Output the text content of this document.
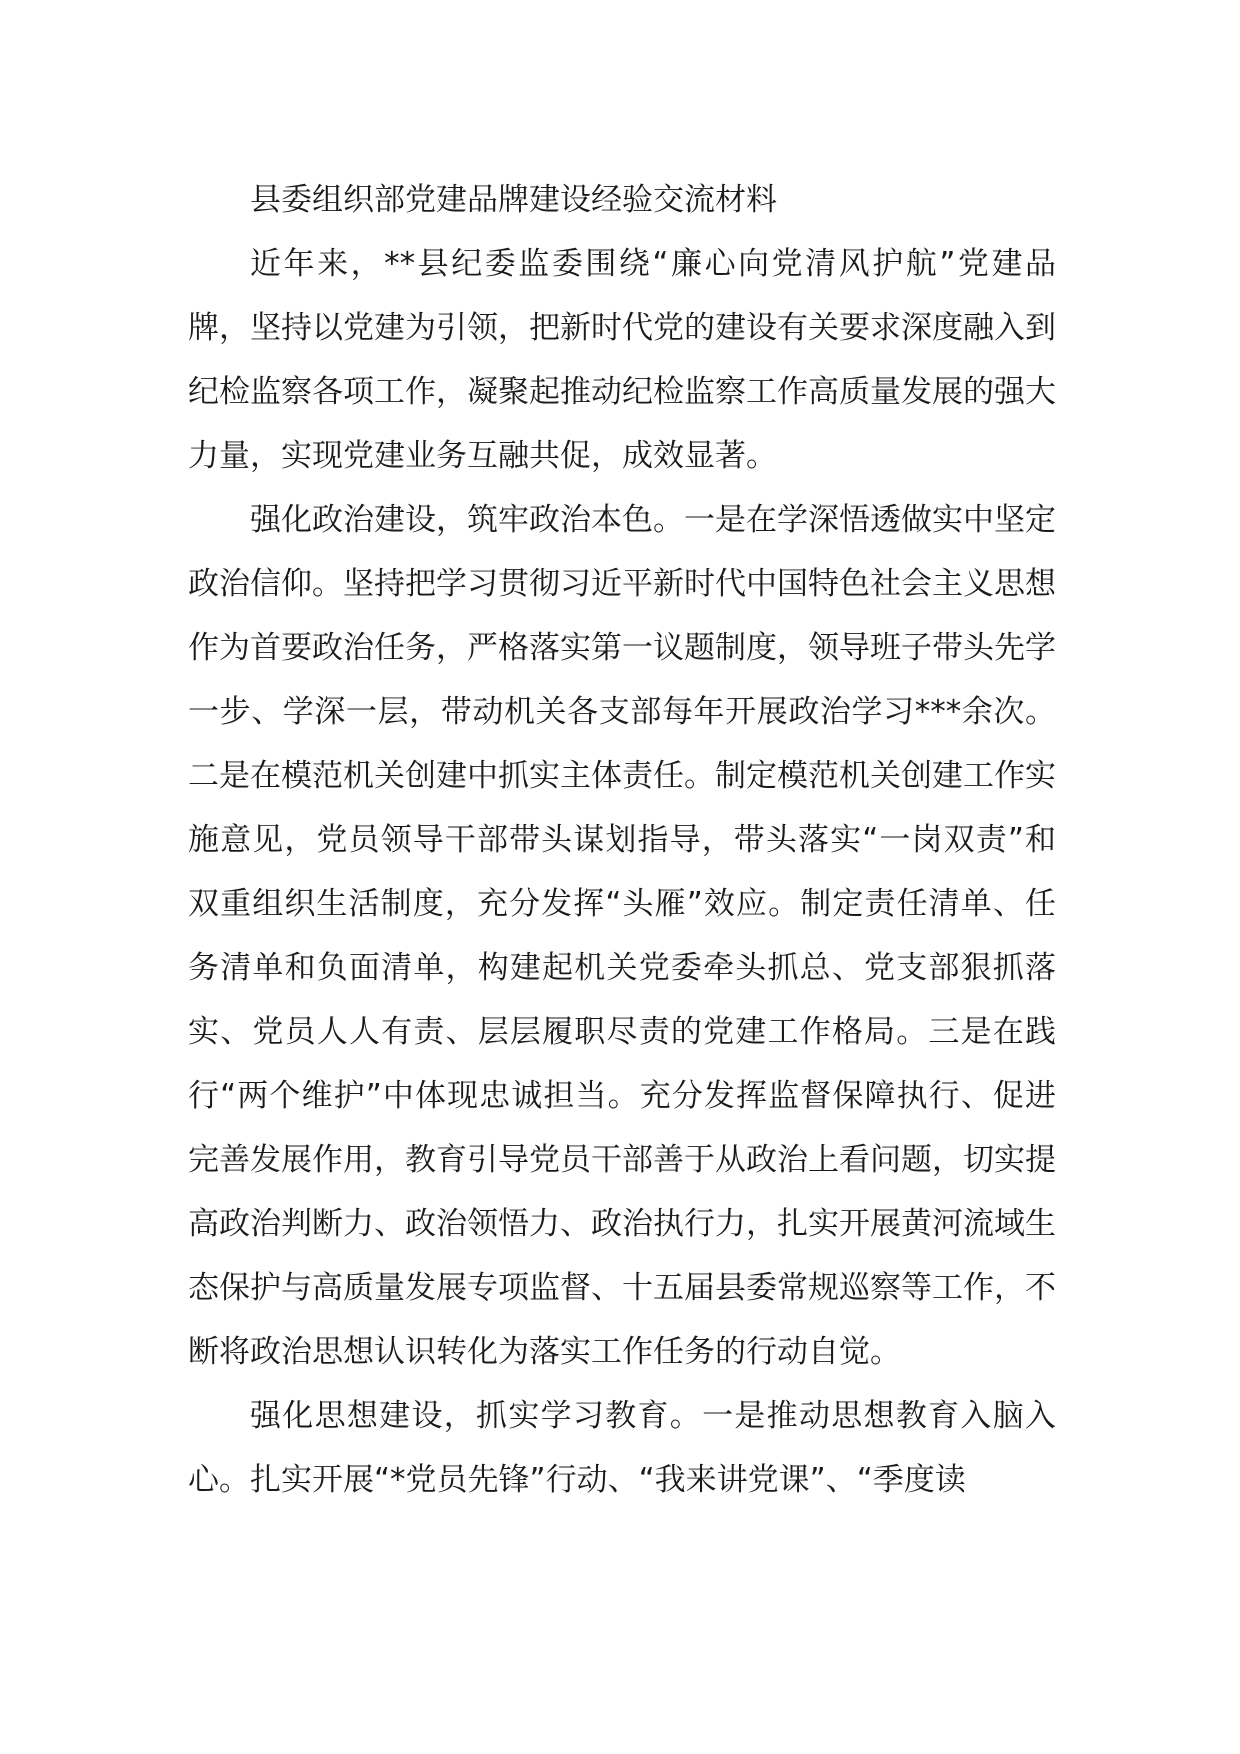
县委组织部党建品牌建设经验交流材料

近年来，**县纪委监委围绕“廉心向党清风护航”党建品牌，坚持以党建为引领，把新时代党的建设有关要求深度融入到纪检监察各项工作，凝聚起推动纪检监察工作高质量发展的强大力量，实现党建业务互融共促，成效显著。

强化政治建设，筑牢政治本色。一是在学深悟透做实中坚定政治信仰。坚持把学习贯彻习近平新时代中国特色社会主义思想作为首要政治任务，严格落实第一议题制度，领导班子带头先学一步、学深一层，带动机关各支部每年开展政治学习***余次。二是在模范机关创建中抓实主体责任。制定模范机关创建工作实施意见，党员领导干部带头谋划指导，带头落实“一岗双责”和双重组织生活制度，充分发挥“头雁”效应。制定责任清单、任务清单和负面清单，构建起机关党委牵头抓总、党支部狠抓落实、党员人人有责、层层履职尽责的党建工作格局。三是在践行“两个维护”中体现忠诚担当。充分发挥监督保障执行、促进完善发展作用，教育引导党员干部善于从政治上看问题，切实提高政治判断力、政治领悟力、政治执行力，扎实开展黄河流域生态保护与高质量发展专项监督、十五届县委常规巡察等工作，不断将政治思想认识转化为落实工作任务的行动自觉。

强化思想建设，抓实学习教育。一是推动思想教育入脑入心。扎实开展“*党员先锋”行动、“我来讲党课”、“季度读
